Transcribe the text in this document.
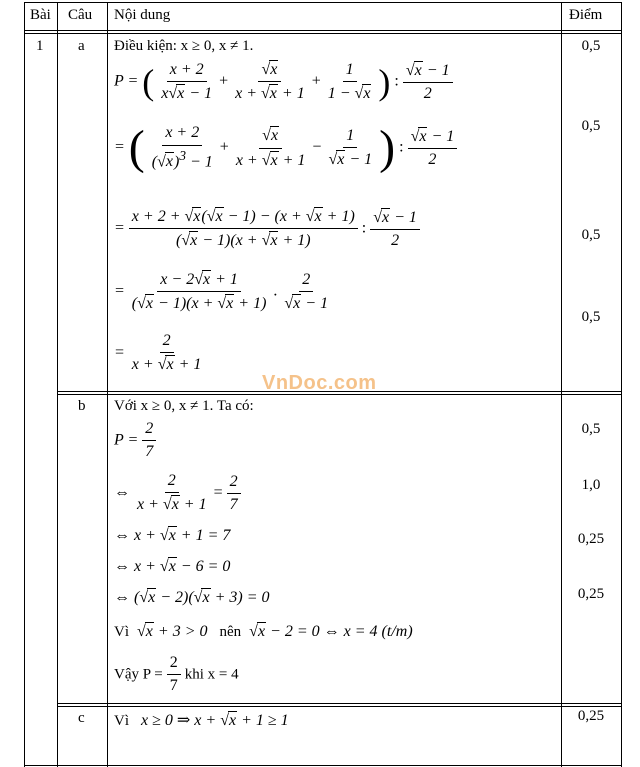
Bài Câu Nội dung	Điểm
1 a
b
c
Điều kiện: x ≥ 0, x ≠ 1.
P = ( $\frac{x + 2}{x√x - 1} + \frac{√x}{x + √x + 1} + \frac{1}{1 - √x}$ ) : $\frac{√x - 1}{2}$
= ( $\frac{x + 2}{(√x)^3 - 1} + \frac{√x}{x + √x + 1} - \frac{1}{√x - 1}$ ) : $\frac{√x - 1}{2}$
= $\frac{x + 2 + √x(√x - 1) - (x + √x + 1)}{(√x - 1)(x + √x + 1)}$ : $\frac{√x - 1}{2}$
= $\frac{x - 2√x + 1}{(√x - 1)(x + √x + 1)}$ . $\frac{2}{√x - 1}$
= $\frac{2}{x + √x + 1}$
0,5
0,5
0,5
0,5
Với x ≥ 0, x ≠ 1. Ta có:
$P = \frac{2}{7}$
⇔ $\frac{2}{x + √x + 1} = \frac{2}{7}$
⇔ x + √x + 1 = 7
⇔ x + √x − 6 = 0
⇔ (√x − 2)(√x + 3) = 0
Vì √x + 3 > 0   nên √x − 2 = 0 ⇔ x = 4 (t/m)
Vậy $P = \frac{2}{7}$ khi x = 4
0,5
1,0
0,25
0,25
Vì   x ≥ 0 ⇒ x + √x + 1 ≥ 1	0,25
VnDoc.com
